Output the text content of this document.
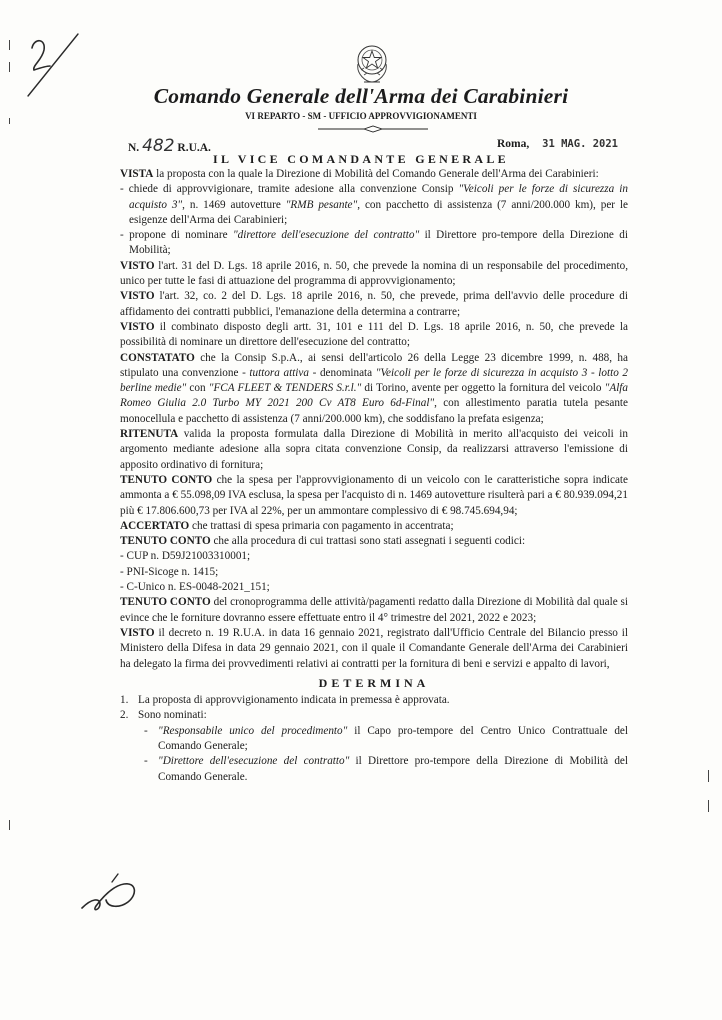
Comando Generale dell'Arma dei Carabinieri
VI REPARTO - SM - UFFICIO APPROVVIGIONAMENTI
N. 482 R.U.A.	Roma, 31 MAG. 2021
IL VICE COMANDANTE GENERALE

VISTA la proposta con la quale la Direzione di Mobilità del Comando Generale dell'Arma dei Carabinieri:

- chiede di approvvigionare, tramite adesione alla convenzione Consip "Veicoli per le forze di sicurezza in acquisto 3", n. 1469 autovetture "RMB pesante", con pacchetto di assistenza (7 anni/200.000 km), per le esigenze dell'Arma dei Carabinieri;

- propone di nominare "direttore dell'esecuzione del contratto" il Direttore pro-tempore della Direzione di Mobilità;

VISTO l'art. 31 del D. Lgs. 18 aprile 2016, n. 50, che prevede la nomina di un responsabile del procedimento, unico per tutte le fasi di attuazione del programma di approvvigionamento;

VISTO l'art. 32, co. 2 del D. Lgs. 18 aprile 2016, n. 50, che prevede, prima dell'avvio delle procedure di affidamento dei contratti pubblici, l'emanazione della determina a contrarre;

VISTO il combinato disposto degli artt. 31, 101 e 111 del D. Lgs. 18 aprile 2016, n. 50, che prevede la possibilità di nominare un direttore dell'esecuzione del contratto;

CONSTATATO che la Consip S.p.A., ai sensi dell'articolo 26 della Legge 23 dicembre 1999, n. 488, ha stipulato una convenzione - tuttora attiva - denominata "Veicoli per le forze di sicurezza in acquisto 3 - lotto 2 berline medie" con "FCA FLEET & TENDERS S.r.l." di Torino, avente per oggetto la fornitura del veicolo "Alfa Romeo Giulia 2.0 Turbo MY 2021 200 Cv AT8 Euro 6d-Final", con allestimento paratia tutela pesante monocellula e pacchetto di assistenza (7 anni/200.000 km), che soddisfano la prefata esigenza;

RITENUTA valida la proposta formulata dalla Direzione di Mobilità in merito all'acquisto dei veicoli in argomento mediante adesione alla sopra citata convenzione Consip, da realizzarsi attraverso l'emissione di apposito ordinativo di fornitura;

TENUTO CONTO che la spesa per l'approvvigionamento di un veicolo con le caratteristiche sopra indicate ammonta a € 55.098,09 IVA esclusa, la spesa per l'acquisto di n. 1469 autovetture risulterà pari a € 80.939.094,21 più € 17.806.600,73 per IVA al 22%, per un ammontare complessivo di € 98.745.694,94;

ACCERTATO che trattasi di spesa primaria con pagamento in accentrata;

TENUTO CONTO che alla procedura di cui trattasi sono stati assegnati i seguenti codici:

- CUP n. D59J21003310001;

- PNI-Sicoge n. 1415;

- C-Unico n. ES-0048-2021_151;

TENUTO CONTO del cronoprogramma delle attività/pagamenti redatto dalla Direzione di Mobilità dal quale si evince che le forniture dovranno essere effettuate entro il 4° trimestre del 2021, 2022 e 2023;

VISTO il decreto n. 19 R.U.A. in data 16 gennaio 2021, registrato dall'Ufficio Centrale del Bilancio presso il Ministero della Difesa in data 29 gennaio 2021, con il quale il Comandante Generale dell'Arma dei Carabinieri ha delegato la firma dei provvedimenti relativi ai contratti per la fornitura di beni e servizi e appalto di lavori,

DETERMINA

1. La proposta di approvvigionamento indicata in premessa è approvata.
2. Sono nominati:
- "Responsabile unico del procedimento" il Capo pro-tempore del Centro Unico Contrattuale del Comando Generale;
- "Direttore dell'esecuzione del contratto" il Direttore pro-tempore della Direzione di Mobilità del Comando Generale.
